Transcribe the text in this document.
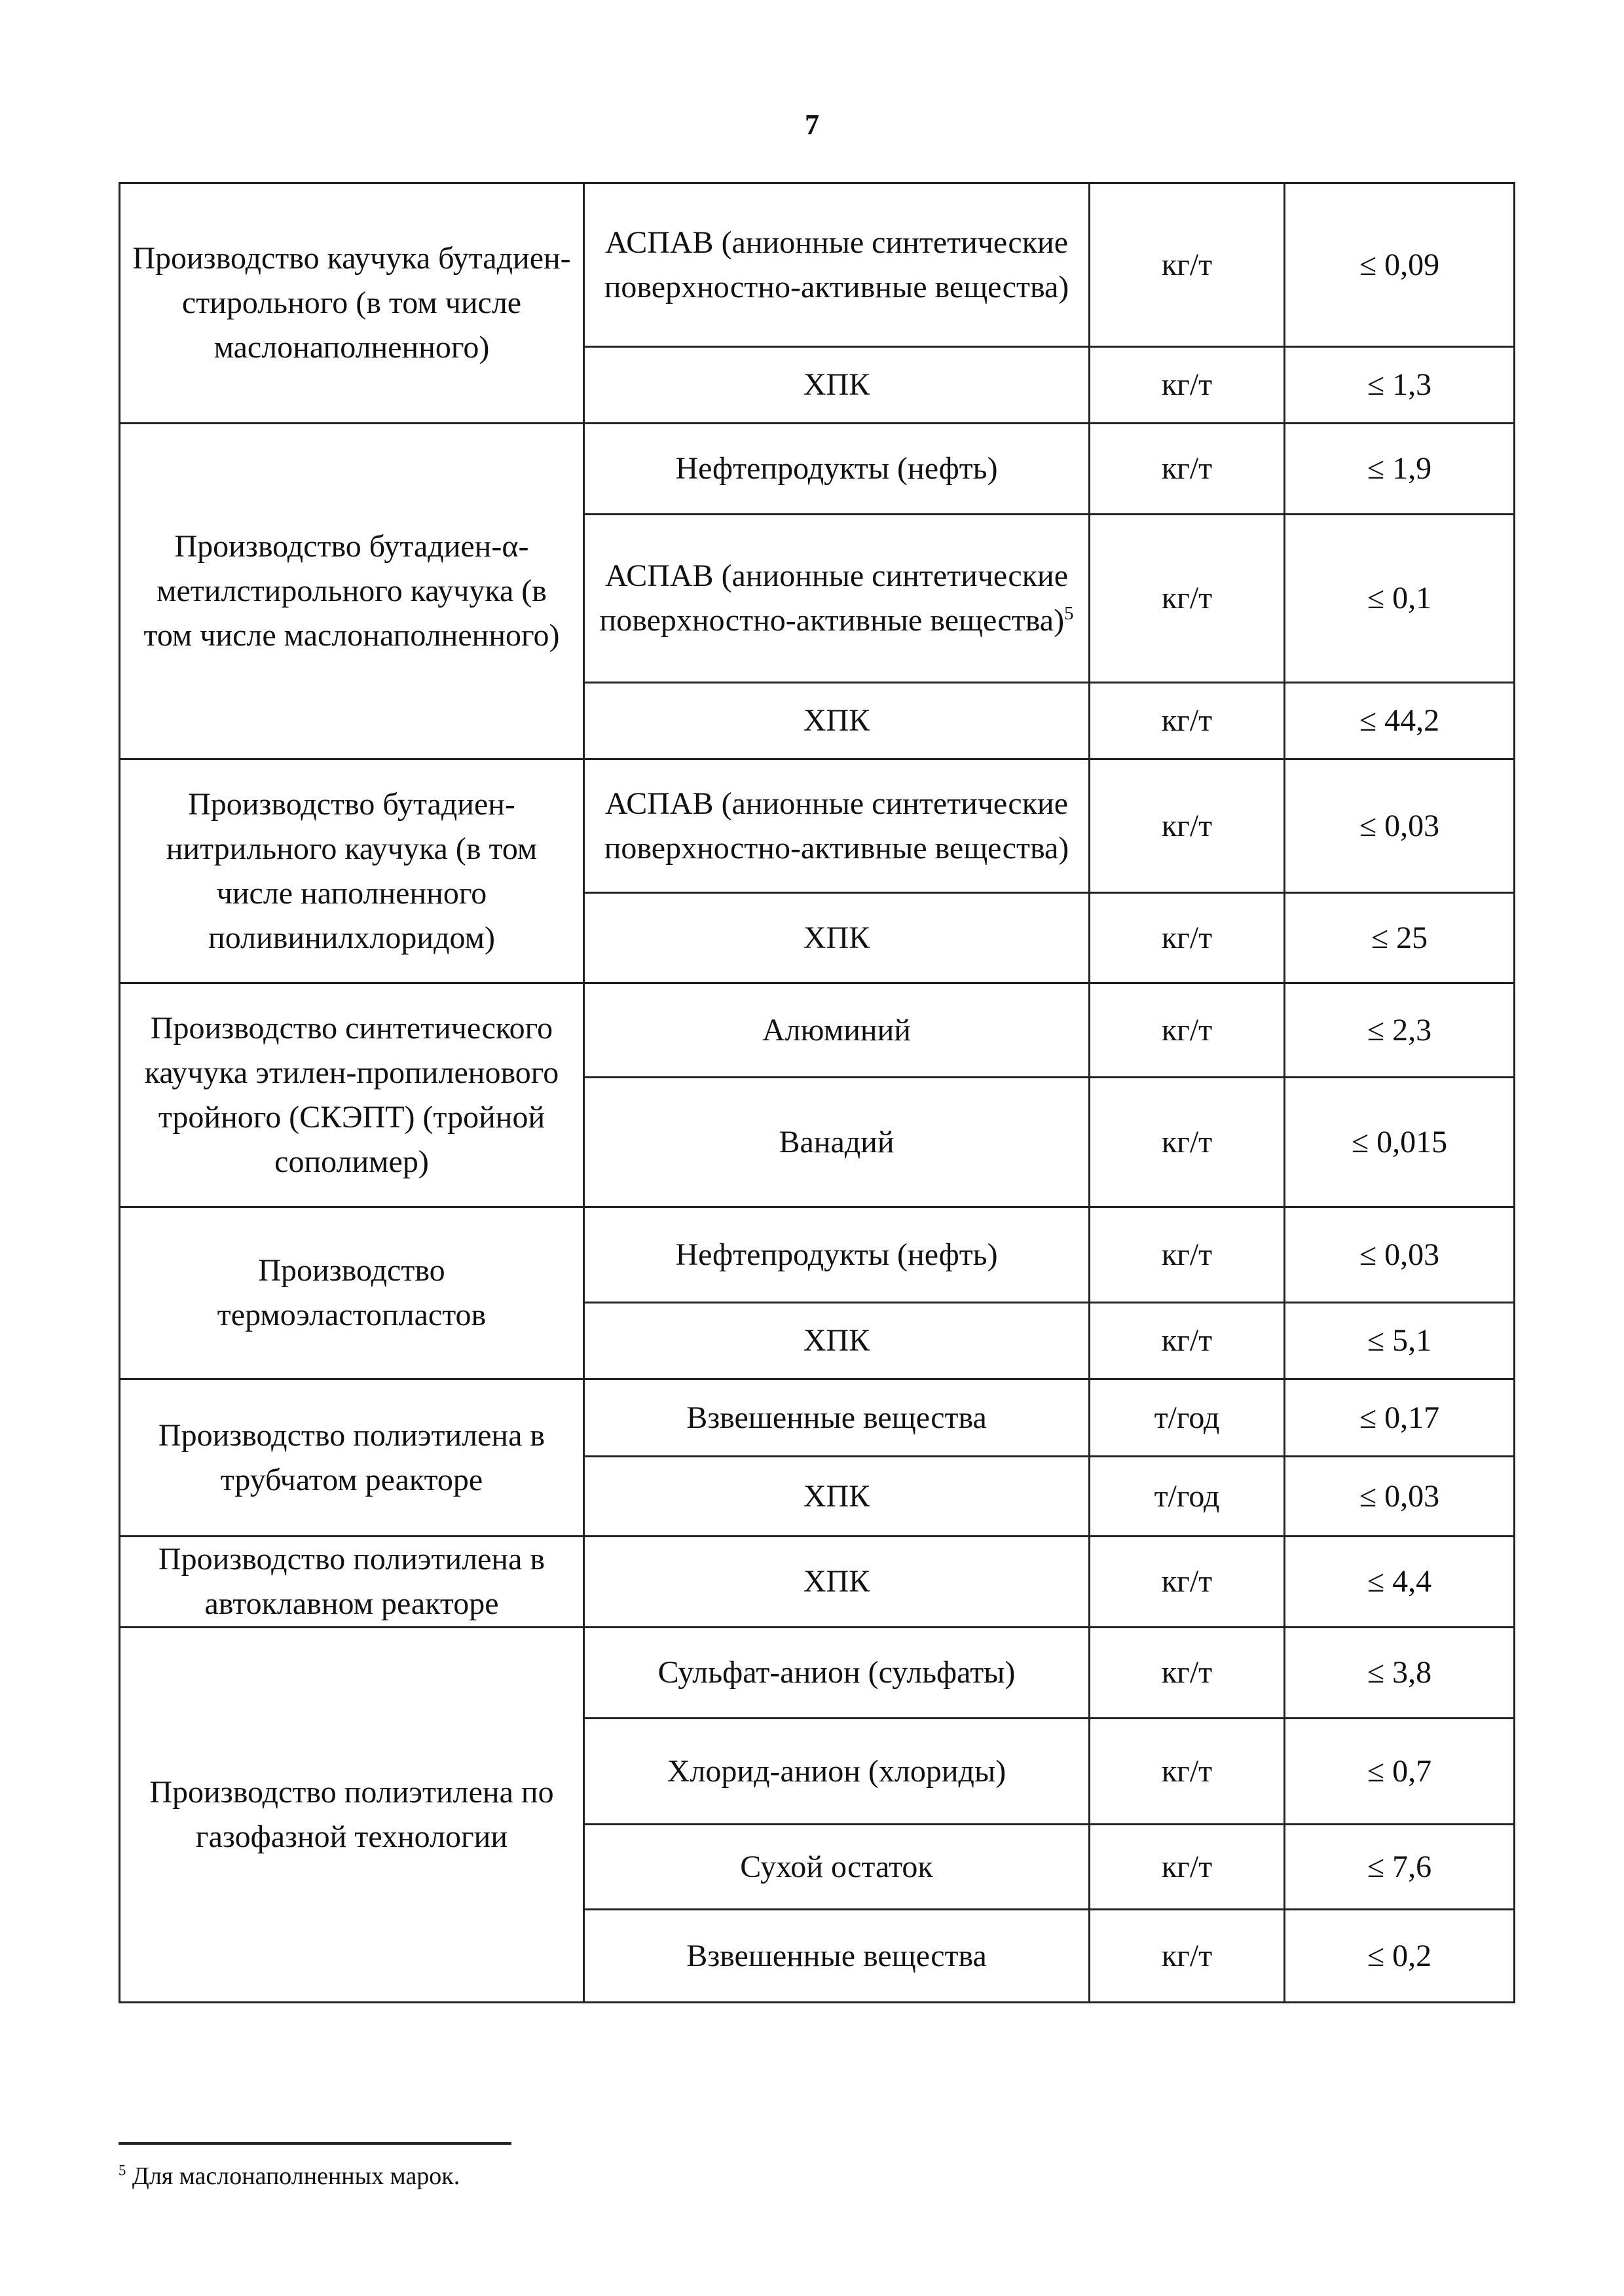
7
Производство каучука бутадиен-стирольного (в том числе маслонаполненного)	АСПАВ (анионные синтетические поверхностно-активные вещества)	кг/т	≤ 0,09
	ХПК	кг/т	≤ 1,3
Производство бутадиен-α-метилстирольного каучука (в том числе маслонаполненного)	Нефтепродукты (нефть)	кг/т	≤ 1,9
	АСПАВ (анионные синтетические поверхностно-активные вещества)$^5$	кг/т	≤ 0,1
	ХПК	кг/т	≤ 44,2
Производство бутадиен-нитрильного каучука (в том числе наполненного поливинилхлоридом)	АСПАВ (анионные синтетические поверхностно-активные вещества)	кг/т	≤ 0,03
	ХПК	кг/т	≤ 25
Производство синтетического каучука этилен-пропиленового тройного (СКЭПТ) (тройной сополимер)	Алюминий	кг/т	≤ 2,3
	Ванадий	кг/т	≤ 0,015
Производство термоэластопластов	Нефтепродукты (нефть)	кг/т	≤ 0,03
	ХПК	кг/т	≤ 5,1
Производство полиэтилена в трубчатом реакторе	Взвешенные вещества	т/год	≤ 0,17
	ХПК	т/год	≤ 0,03
Производство полиэтилена в автоклавном реакторе	ХПК	кг/т	≤ 4,4
Производство полиэтилена по газофазной технологии	Сульфат-анион (сульфаты)	кг/т	≤ 3,8
	Хлорид-анион (хлориды)	кг/т	≤ 0,7
	Сухой остаток	кг/т	≤ 7,6
	Взвешенные вещества	кг/т	≤ 0,2
$^5$ Для маслонаполненных марок.
